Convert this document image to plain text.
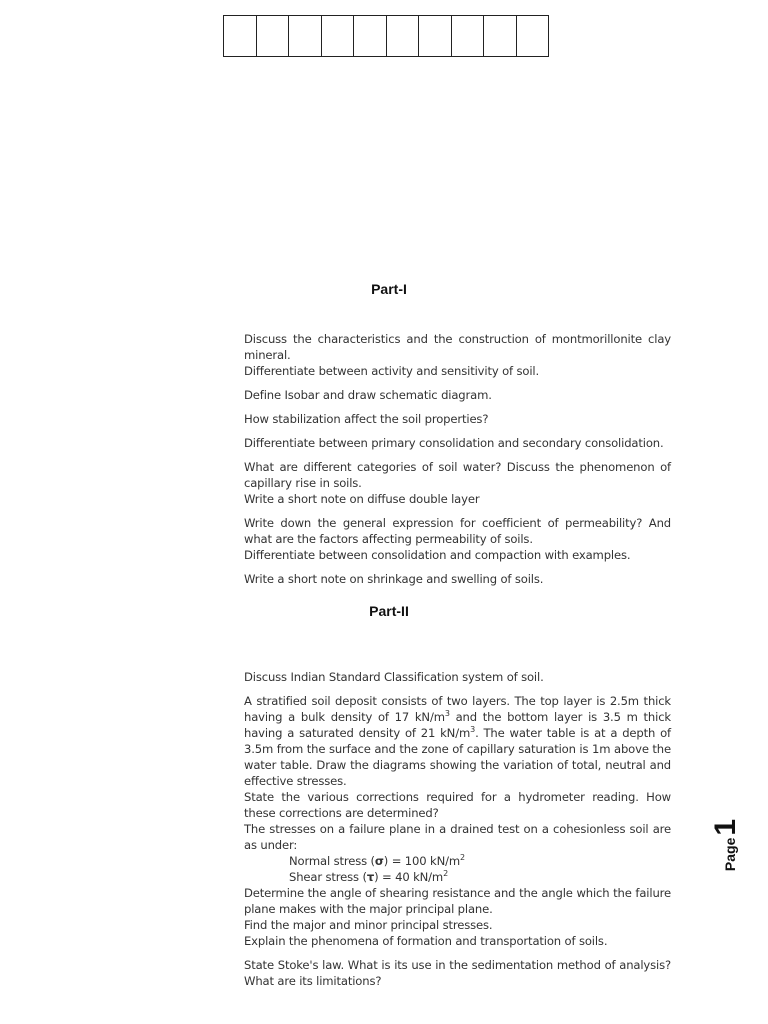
Part-I

Discuss the characteristics and the construction of montmorillonite clay mineral.

Differentiate between activity and sensitivity of soil.

Define Isobar and draw schematic diagram.

How stabilization affect the soil properties?

Differentiate between primary consolidation and secondary consolidation.

What are different categories of soil water? Discuss the phenomenon of capillary rise in soils.

Write a short note on diffuse double layer

Write down the general expression for coefficient of permeability? And what are the factors affecting permeability of soils.

Differentiate between consolidation and compaction with examples.

Write a short note on shrinkage and swelling of soils.

Part-II

Discuss Indian Standard Classification system of soil.

A stratified soil deposit consists of two layers. The top layer is 2.5m thick having a bulk density of 17 $kN/m^3$ and the bottom layer is 3.5 m thick having a saturated density of 21 $kN/m^3$. The water table is at a depth of 3.5m from the surface and the zone of capillary saturation is 1m above the water table. Draw the diagrams showing the variation of total, neutral and effective stresses.

State the various corrections required for a hydrometer reading. How these corrections are determined?

The stresses on a failure plane in a drained test on a cohesionless soil are as under:

Normal stress (σ) = 100 $kN/m^2$

Shear stress (τ) = 40 $kN/m^2$

Determine the angle of shearing resistance and the angle which the failure plane makes with the major principal plane.

Find the major and minor principal stresses.

Explain the phenomena of formation and transportation of soils.

State Stoke's law. What is its use in the sedimentation method of analysis? What are its limitations?

Page1
